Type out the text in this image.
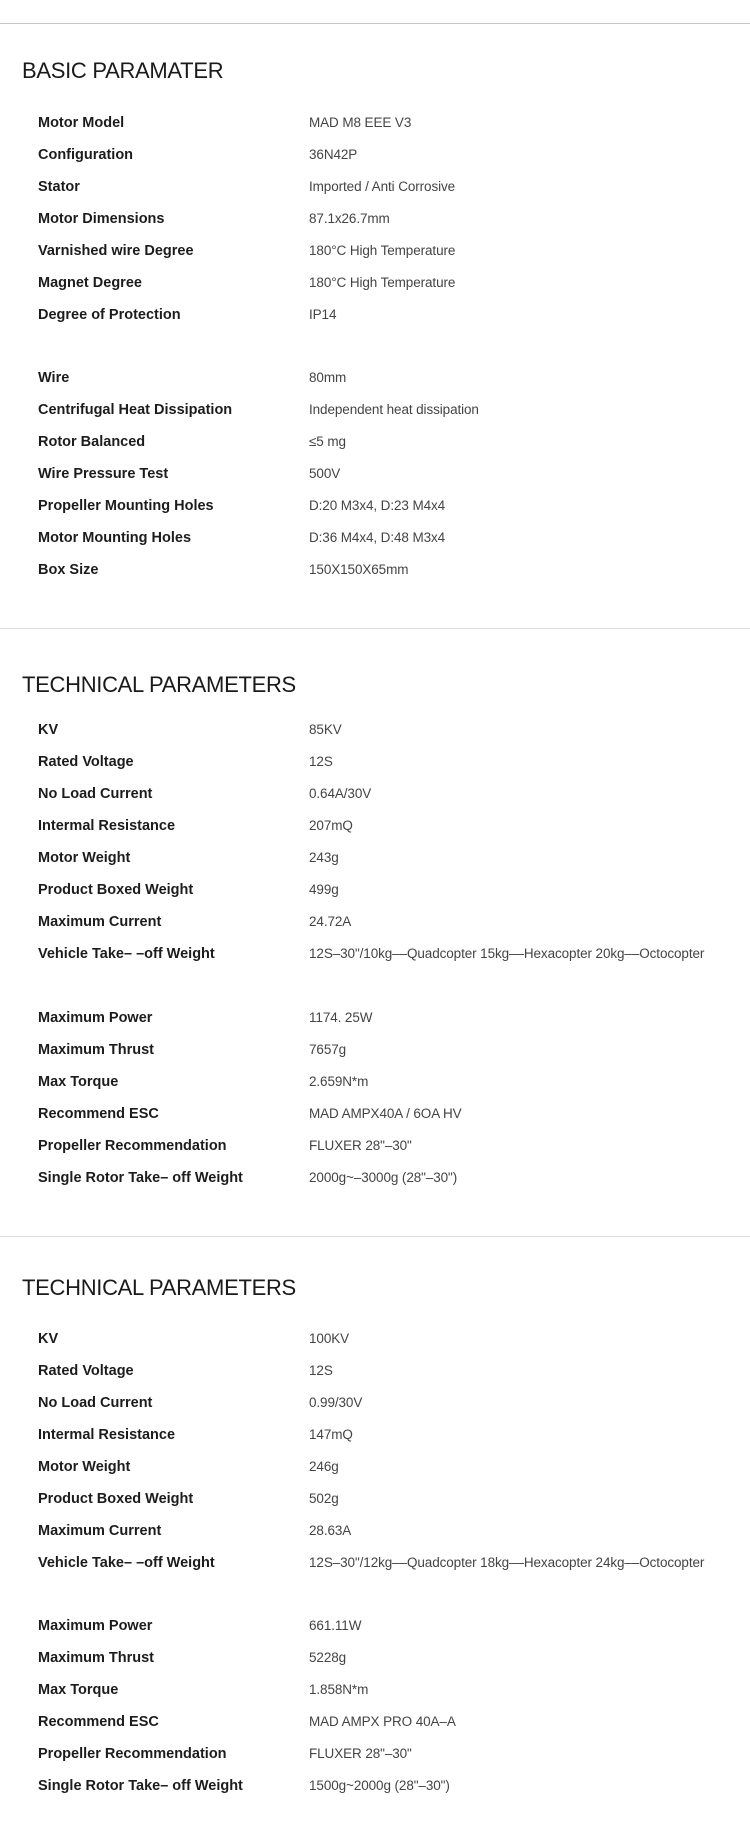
BASIC PARAMATER
Motor Model	MAD M8 EEE V3
Configuration	36N42P
Stator	Imported / Anti Corrosive
Motor Dimensions	87.1x26.7mm
Varnished wire Degree	180°C High Temperature
Magnet Degree	180°C High Temperature
Degree of Protection	IP14
Wire	80mm
Centrifugal Heat Dissipation	Independent heat dissipation
Rotor Balanced	≤5 mg
Wire Pressure Test	500V
Propeller Mounting Holes	D:20 M3x4, D:23 M4x4
Motor Mounting Holes	D:36 M4x4, D:48 M3x4
Box Size	150X150X65mm
TECHNICAL PARAMETERS
KV	85KV
Rated Voltage	12S
No Load Current	0.64A/30V
Intermal Resistance	207mQ
Motor Weight	243g
Product Boxed Weight	499g
Maximum Current	24.72A
Vehicle Take– –off Weight	12S–30"/10kg––Quadcopter 15kg––Hexacopter 20kg––Octocopter
Maximum Power	1174. 25W
Maximum Thrust	7657g
Max Torque	2.659N*m
Recommend ESC	MAD AMPX40A / 6OA HV
Propeller Recommendation	FLUXER 28"–30"
Single Rotor Take– off Weight	2000g~–3000g (28"–30")
TECHNICAL PARAMETERS
KV	100KV
Rated Voltage	12S
No Load Current	0.99/30V
Intermal Resistance	147mQ
Motor Weight	246g
Product Boxed Weight	502g
Maximum Current	28.63A
Vehicle Take– –off Weight	12S–30"/12kg––Quadcopter 18kg––Hexacopter 24kg––Octocopter
Maximum Power	661.11W
Maximum Thrust	5228g
Max Torque	1.858N*m
Recommend ESC	MAD AMPX PRO 40A–A
Propeller Recommendation	FLUXER 28"–30"
Single Rotor Take– off Weight	1500g~2000g (28"–30")
